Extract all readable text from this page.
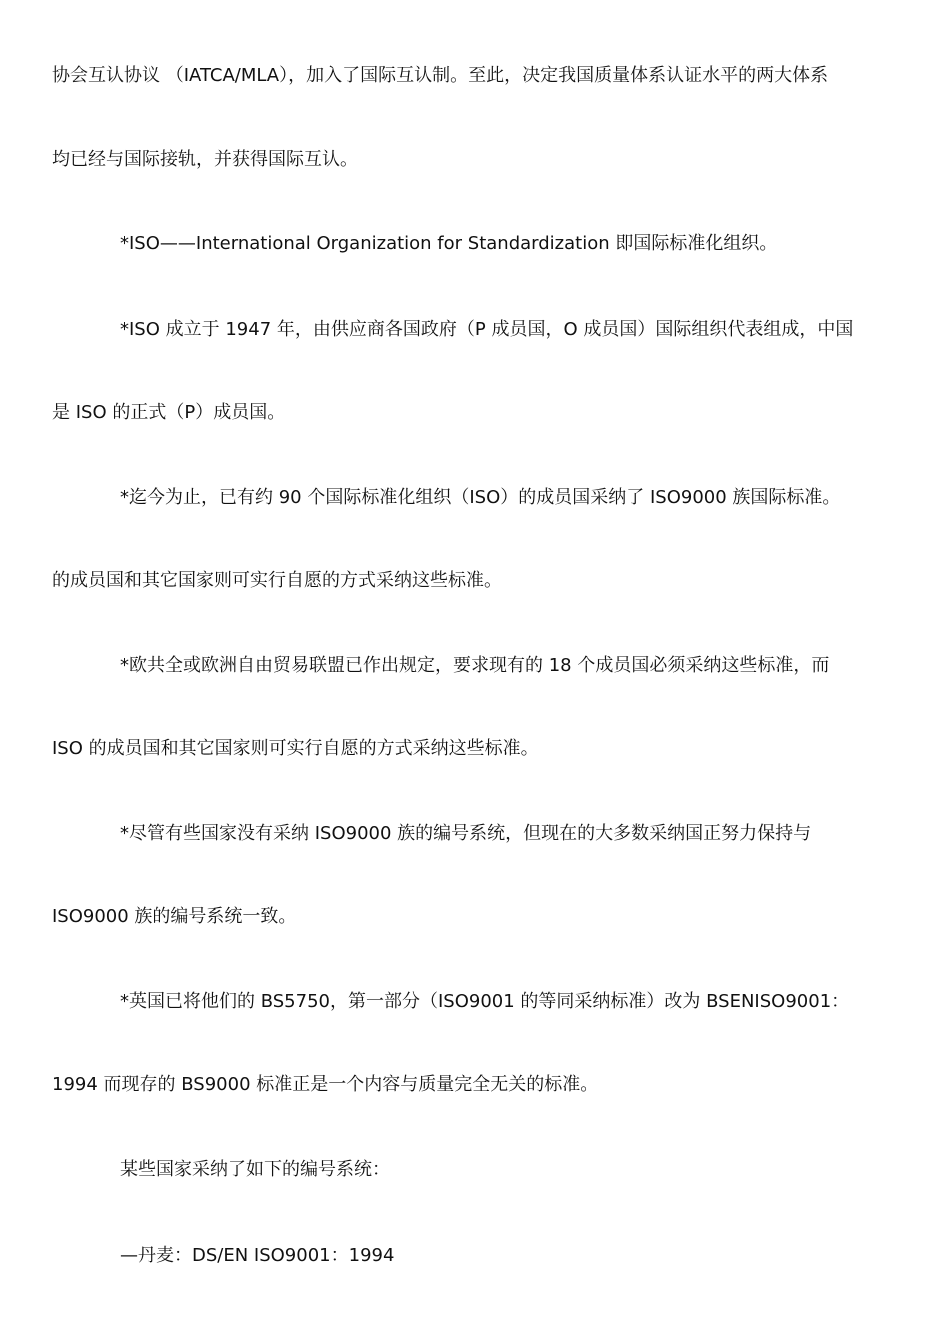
协会互认协议 （IATCA/MLA），加入了国际互认制。至此，决定我国质量体系认证水平的两大体系
均已经与国际接轨，并获得国际互认。
*ISO——International Organization for Standardization 即国际标准化组织。
*ISO 成立于 1947 年，由供应商各国政府（P 成员国，O 成员国）国际组织代表组成，中国
是 ISO 的正式（P）成员国。
*迄今为止，已有约 90 个国际标准化组织（ISO）的成员国采纳了 ISO9000 族国际标准。
的成员国和其它国家则可实行自愿的方式采纳这些标准。
*欧共全或欧洲自由贸易联盟已作出规定，要求现有的 18 个成员国必须采纳这些标准，而
ISO 的成员国和其它国家则可实行自愿的方式采纳这些标准。
*尽管有些国家没有采纳 ISO9000 族的编号系统，但现在的大多数采纳国正努力保持与
ISO9000 族的编号系统一致。
*英国已将他们的 BS5750，第一部分（ISO9001 的等同采纳标准）改为 BSENISO9001：
1994 而现存的 BS9000 标准正是一个内容与质量完全无关的标准。
某些国家采纳了如下的编号系统：
—丹麦：DS/EN ISO9001：1994
